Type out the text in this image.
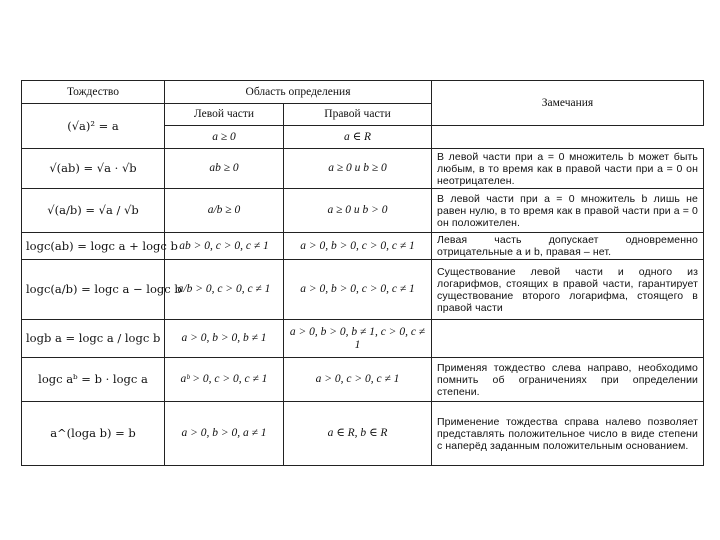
Тождество	Область определения		Замечания
(√a)² = a	Левой части	Правой части	
	a ≥ 0	a ∈ R	
√(ab) = √a · √b	ab ≥ 0	a ≥ 0 и b ≥ 0	В левой части при a = 0 множитель b может быть любым, в то время как в правой части при a = 0 он неотрицателен.
√(a/b) = √a / √b	a/b ≥ 0	a ≥ 0 и b > 0	В левой части при a = 0 множитель b лишь не равен нулю, в то время как в правой части при a = 0 он положителен.
logc(ab) = logc a + logc b	ab > 0, c > 0, c ≠ 1	a > 0, b > 0, c > 0, c ≠ 1	Левая часть допускает одновременно отрицательные a и b, правая – нет.
logc(a/b) = logc a − logc b	a/b > 0, c > 0, c ≠ 1	a > 0, b > 0, c > 0, c ≠ 1	Существование левой части и одного из логарифмов, стоящих в правой части, гарантирует существование второго логарифма, стоящего в правой части
logb a = logc a / logc b	a > 0, b > 0, b ≠ 1	a > 0, b > 0, b ≠ 1, c > 0, c ≠ 1	
logc aᵇ = b · logc a	aᵇ > 0, c > 0, c ≠ 1	a > 0, c > 0, c ≠ 1	Применяя тождество слева направо, необходимо помнить об ограничениях при определении степени.
a^(loga b) = b	a > 0, b > 0, a ≠ 1	a ∈ R, b ∈ R	Применение тождества справа налево позволяет представлять положительное число в виде степени с наперёд заданным положительным основанием.
